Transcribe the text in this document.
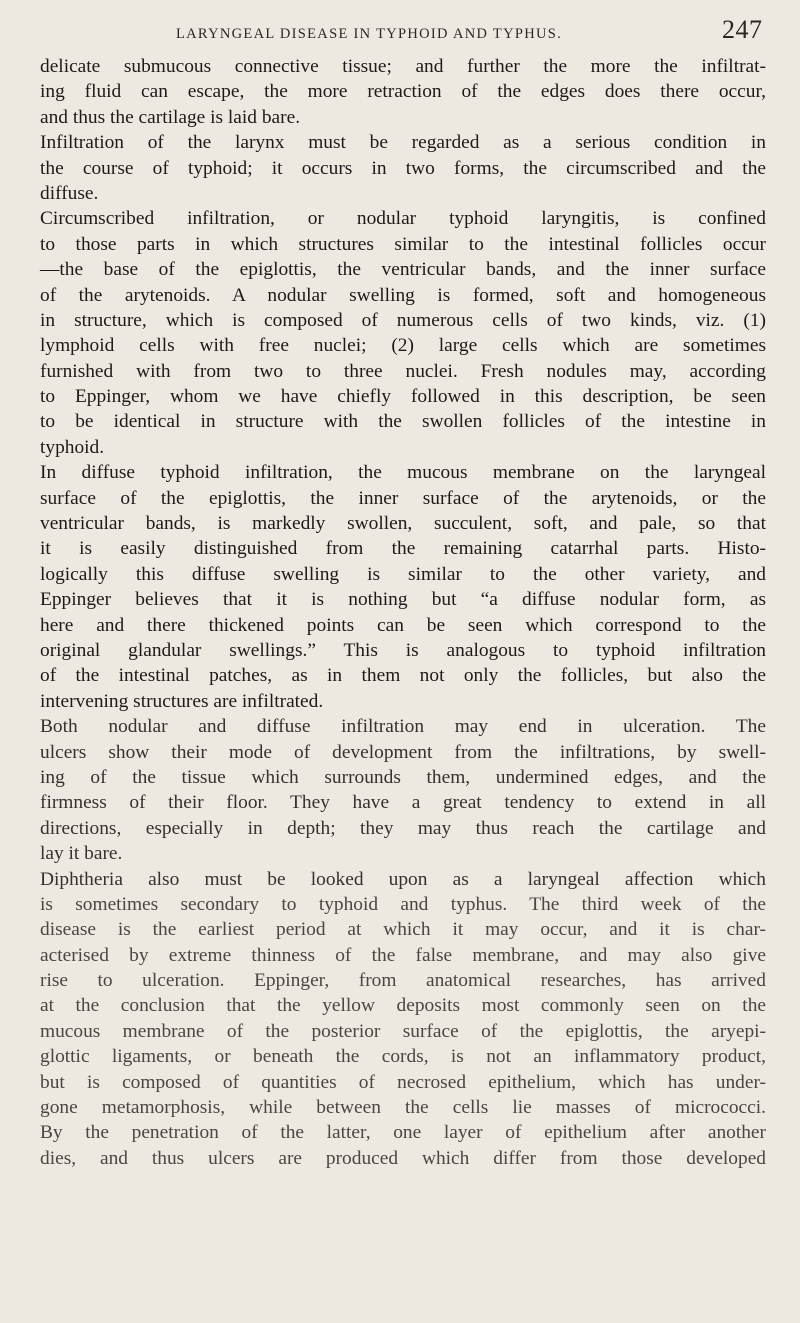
LARYNGEAL DISEASE IN TYPHOID AND TYPHUS.	247
delicate submucous connective tissue; and further the more the infiltrat-
ing fluid can escape, the more retraction of the edges does there occur,
and thus the cartilage is laid bare.
Infiltration of the larynx must be regarded as a serious condition in
the course of typhoid; it occurs in two forms, the circumscribed and the
diffuse.
Circumscribed infiltration, or nodular typhoid laryngitis, is confined
to those parts in which structures similar to the intestinal follicles occur
—the base of the epiglottis, the ventricular bands, and the inner surface
of the arytenoids. A nodular swelling is formed, soft and homogeneous
in structure, which is composed of numerous cells of two kinds, viz. (1)
lymphoid cells with free nuclei; (2) large cells which are sometimes
furnished with from two to three nuclei. Fresh nodules may, according
to Eppinger, whom we have chiefly followed in this description, be seen
to be identical in structure with the swollen follicles of the intestine in
typhoid.
In diffuse typhoid infiltration, the mucous membrane on the laryngeal
surface of the epiglottis, the inner surface of the arytenoids, or the
ventricular bands, is markedly swollen, succulent, soft, and pale, so that
it is easily distinguished from the remaining catarrhal parts. Histo-
logically this diffuse swelling is similar to the other variety, and
Eppinger believes that it is nothing but “a diffuse nodular form, as
here and there thickened points can be seen which correspond to the
original glandular swellings.” This is analogous to typhoid infiltration
of the intestinal patches, as in them not only the follicles, but also the
intervening structures are infiltrated.
Both nodular and diffuse infiltration may end in ulceration. The
ulcers show their mode of development from the infiltrations, by swell-
ing of the tissue which surrounds them, undermined edges, and the
firmness of their floor. They have a great tendency to extend in all
directions, especially in depth; they may thus reach the cartilage and
lay it bare.
Diphtheria also must be looked upon as a laryngeal affection which
is sometimes secondary to typhoid and typhus. The third week of the
disease is the earliest period at which it may occur, and it is char-
acterised by extreme thinness of the false membrane, and may also give
rise to ulceration. Eppinger, from anatomical researches, has arrived
at the conclusion that the yellow deposits most commonly seen on the
mucous membrane of the posterior surface of the epiglottis, the aryepi-
glottic ligaments, or beneath the cords, is not an inflammatory product,
but is composed of quantities of necrosed epithelium, which has under-
gone metamorphosis, while between the cells lie masses of micrococci.
By the penetration of the latter, one layer of epithelium after another
dies, and thus ulcers are produced which differ from those developed
